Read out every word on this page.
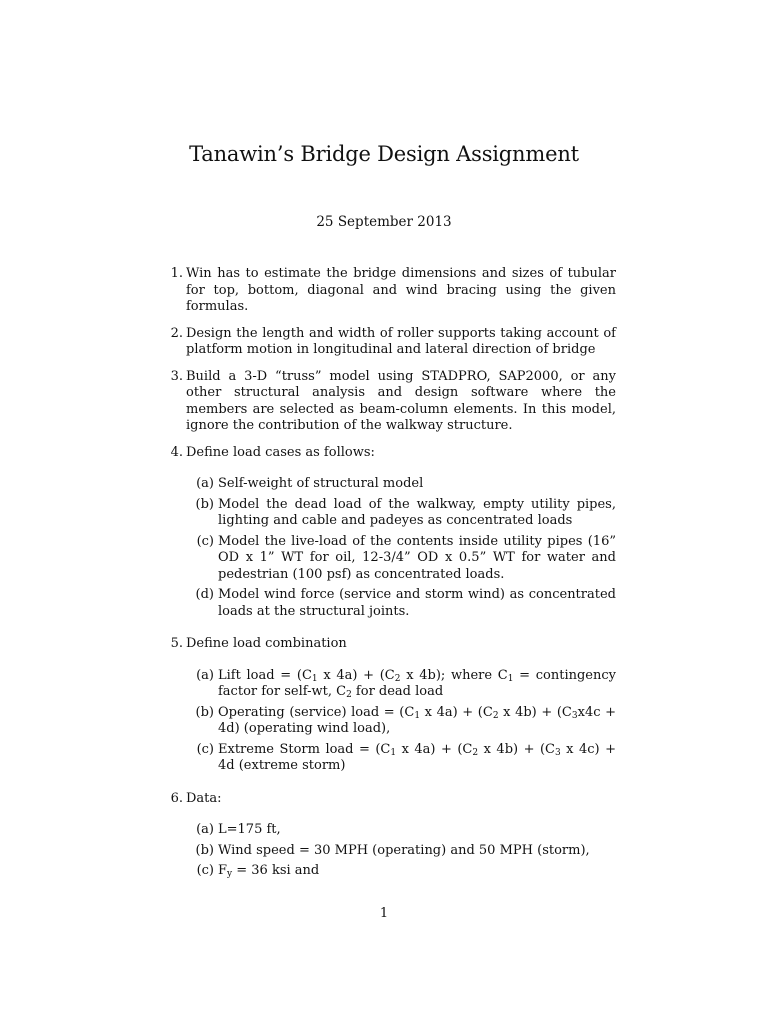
Tanawin’s Bridge Design Assignment
25 September 2013
1. Win has to estimate the bridge dimensions and sizes of tubular for top, bottom, diagonal and wind bracing using the given formulas.
2. Design the length and width of roller supports taking account of platform motion in longitudinal and lateral direction of bridge
3. Build a 3-D “truss” model using STADPRO, SAP2000, or any other structural analysis and design software where the members are selected as beam-column elements. In this model, ignore the contribution of the walkway structure.
4. Define load cases as follows:
(a) Self-weight of structural model
(b) Model the dead load of the walkway, empty utility pipes, lighting and cable and padeyes as concentrated loads
(c) Model the live-load of the contents inside utility pipes (16” OD x 1” WT for oil, 12-3/4” OD x 0.5” WT for water and pedestrian (100 psf) as concentrated loads.
(d) Model wind force (service and storm wind) as concentrated loads at the structural joints.
5. Define load combination
(a) Lift load = ($C_1$ x $4a) + (C_2$ x 4b); where $C_1$ = contingency factor for self-wt, $C_2$ for dead load
(b) Operating (service) load = ($C_1$ x $4a) + (C_2$ x $4b) + (C_3x4c + 4d)$ (operating wind load),
(c) Extreme Storm load = ($C_1$ x $4a) + (C_2$ x $4b) + (C_3$ x 4c) + 4d (extreme storm)
6. Data:
(a) L=175 ft,
(b) Wind speed = 30 MPH (operating) and 50 MPH (storm),
(c) $F_y = 36$ ksi and
1
